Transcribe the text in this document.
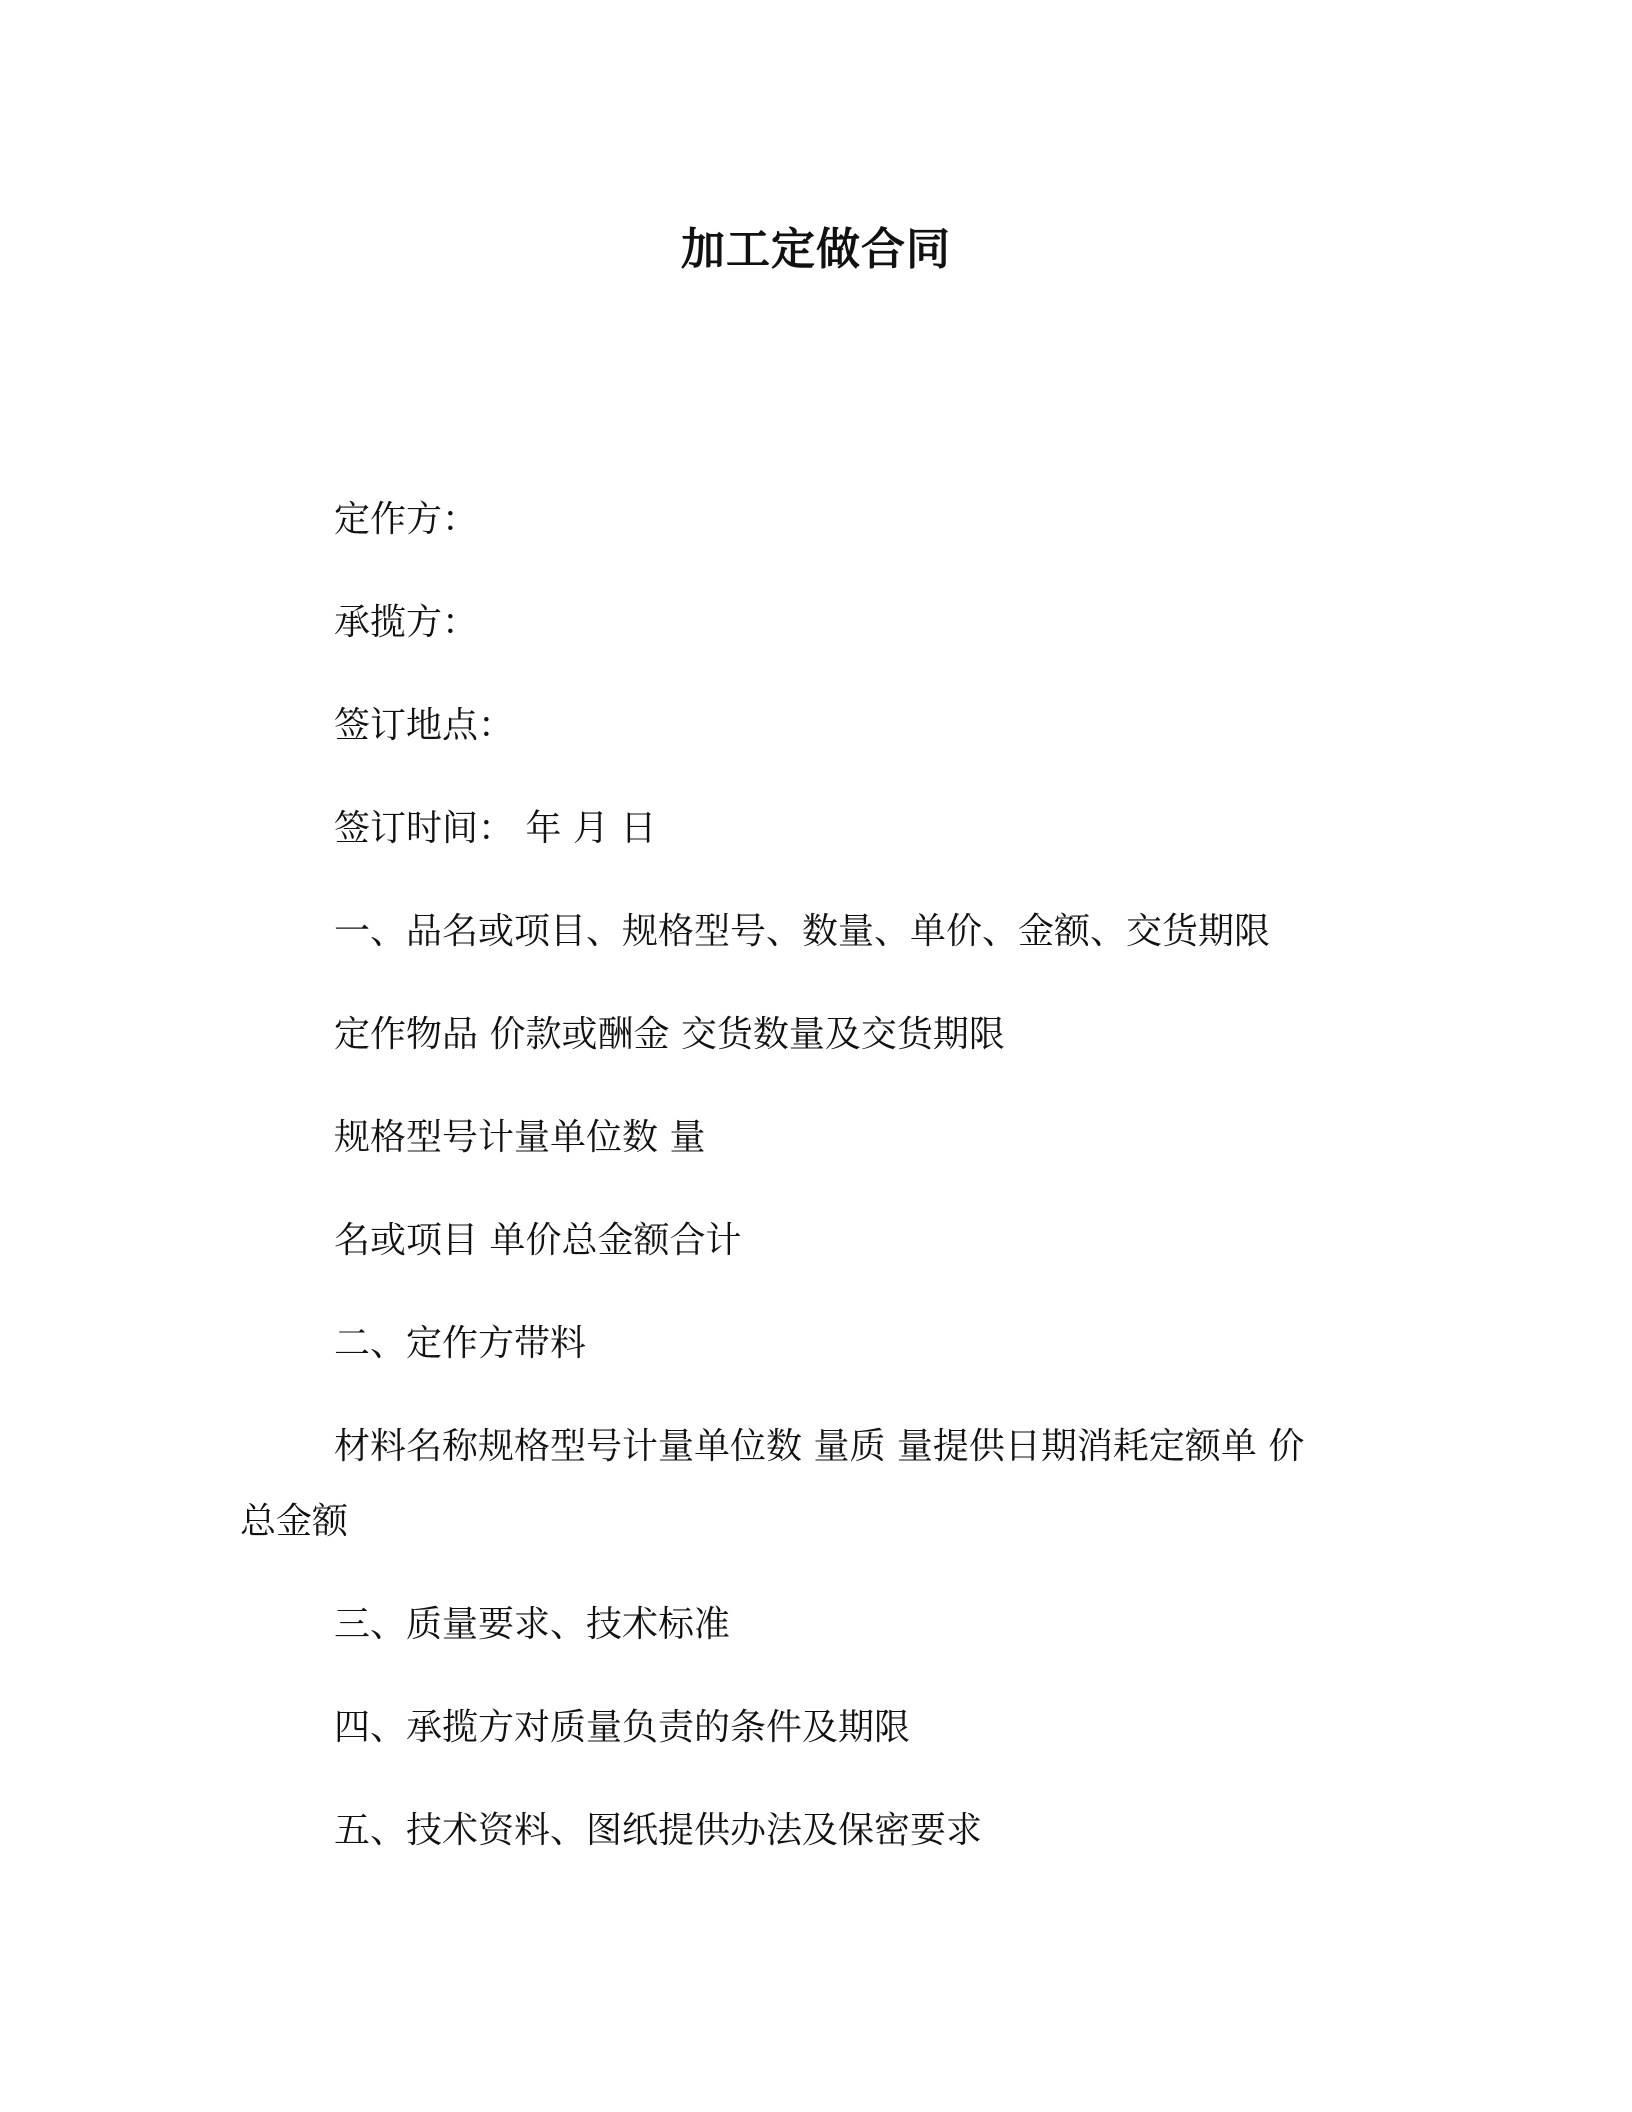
加工定做合同
定作方：
承揽方：
签订地点：
签订时间： 年 月 日
一、品名或项目、规格型号、数量、单价、金额、交货期限
定作物品 价款或酬金 交货数量及交货期限
规格型号计量单位数 量
名或项目 单价总金额合计
二、定作方带料
材料名称规格型号计量单位数 量质 量提供日期消耗定额单 价
总金额
三、质量要求、技术标准
四、承揽方对质量负责的条件及期限
五、技术资料、图纸提供办法及保密要求
